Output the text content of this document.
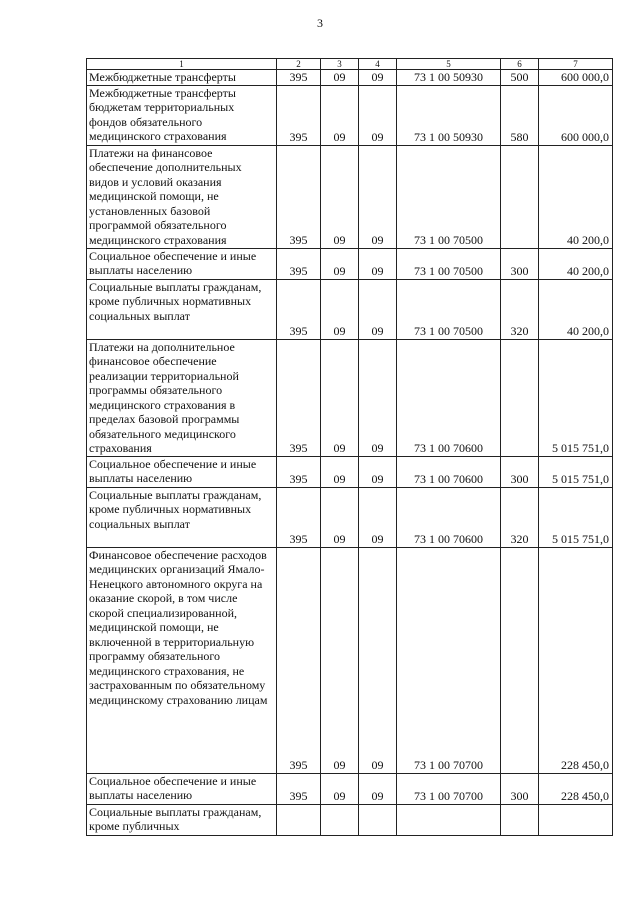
3
1	2	3	4	5	6	7
Межбюджетные трансферты	395	09	09	73 1 00 50930	500	600 000,0
Межбюджетные трансферты бюджетам территориальных фондов обязательного медицинского страхования	395	09	09	73 1 00 50930	580	600 000,0
Платежи на финансовое обеспечение дополнительных видов и условий оказания медицинской помощи, не установленных базовой программой обязательного медицинского страхования	395	09	09	73 1 00 70500		40 200,0
Социальное обеспечение и иные выплаты населению	395	09	09	73 1 00 70500	300	40 200,0
Социальные выплаты гражданам, кроме публичных нормативных социальных выплат	395	09	09	73 1 00 70500	320	40 200,0
Платежи на дополнительное финансовое обеспечение реализации территориальной программы обязательного медицинского страхования в пределах базовой программы обязательного медицинского страхования	395	09	09	73 1 00 70600		5 015 751,0
Социальное обеспечение и иные выплаты населению	395	09	09	73 1 00 70600	300	5 015 751,0
Социальные выплаты гражданам, кроме публичных нормативных социальных выплат	395	09	09	73 1 00 70600	320	5 015 751,0
Финансовое обеспечение расходов медицинских организаций Ямало-Ненецкого автономного округа на оказание скорой, в том числе скорой специализированной, медицинской помощи, не включенной в территориальную программу обязательного медицинского страхования, не застрахованным по обязательному медицинскому страхованию лицам	395	09	09	73 1 00 70700		228 450,0
Социальное обеспечение и иные выплаты населению	395	09	09	73 1 00 70700	300	228 450,0
Социальные выплаты гражданам, кроме публичных						
